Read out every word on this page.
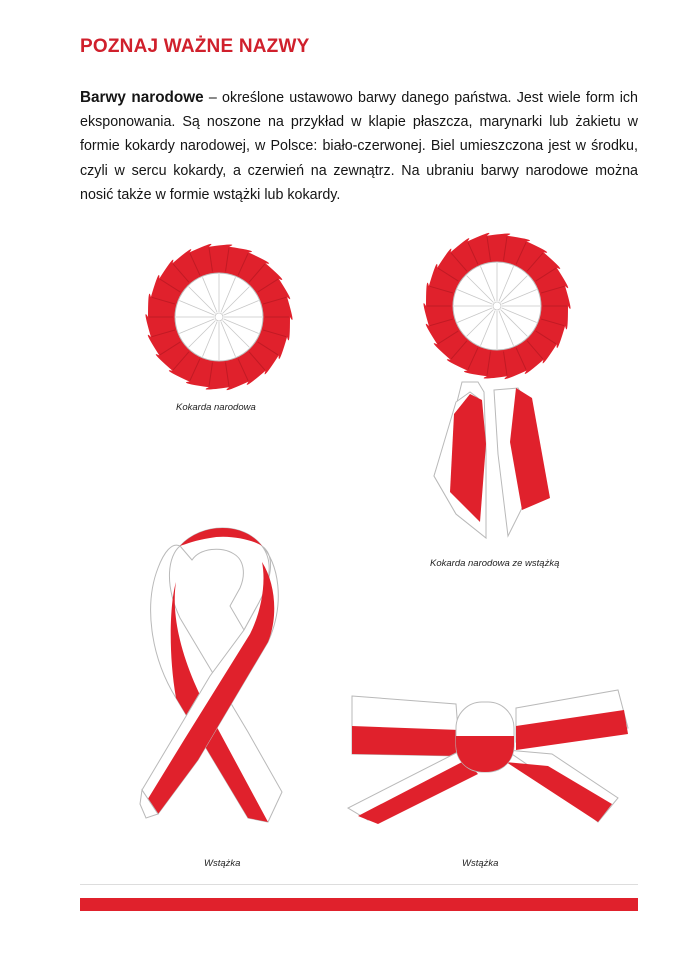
POZNAJ WAŻNE NAZWY

Barwy narodowe – określone ustawowo barwy danego państwa. Jest wiele form ich eksponowania. Są noszone na przykład w klapie płaszcza, marynarki lub żakietu w formie kokardy narodowej, w Polsce: biało-czerwonej. Biel umieszczona jest w środku, czyli w sercu kokardy, a czerwień na zewnątrz. Na ubraniu barwy narodowe można nosić także w formie wstążki lub kokardy.

Kokarda narodowa

Kokarda narodowa ze wstążką

Wstążka	Wstążka
